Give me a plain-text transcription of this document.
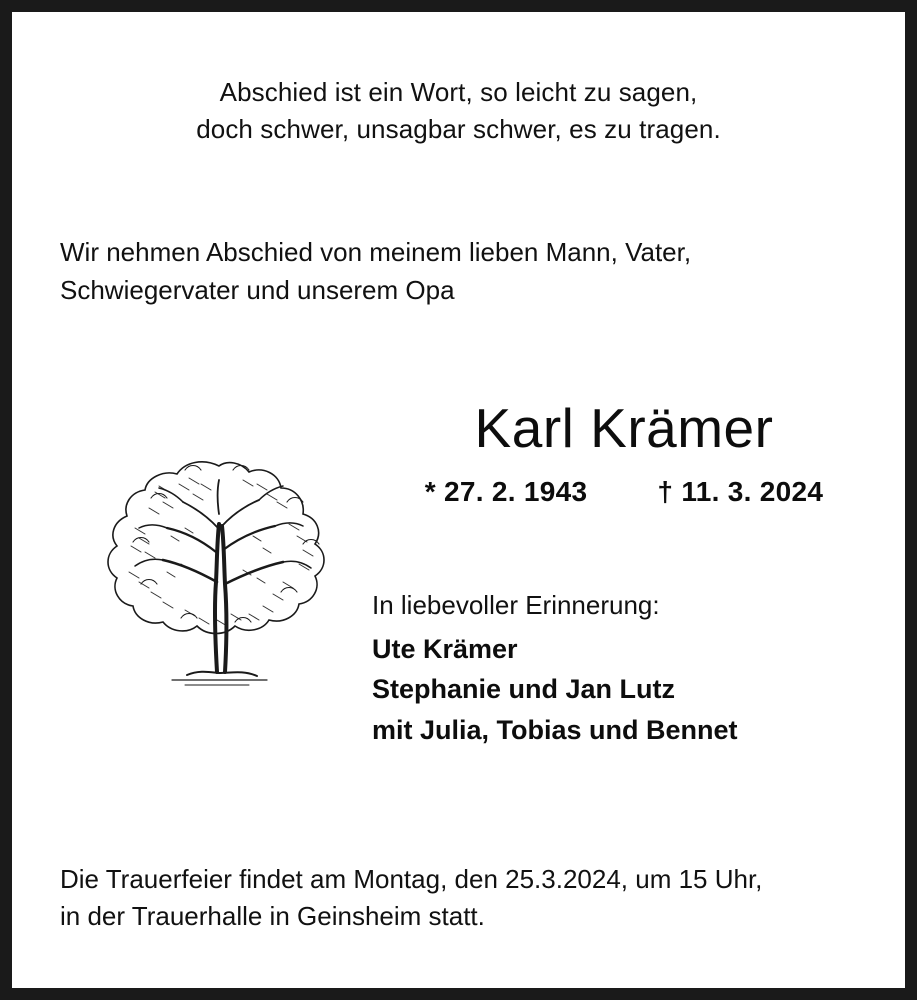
Abschied ist ein Wort, so leicht zu sagen,
doch schwer, unsagbar schwer, es zu tragen.
Wir nehmen Abschied von meinem lieben Mann, Vater,
Schwiegervater und unserem Opa
Karl Krämer
* 27. 2. 1943	† 11. 3. 2024
In liebevoller Erinnerung:
Ute Krämer
Stephanie und Jan Lutz
mit Julia, Tobias und Bennet
Die Trauerfeier findet am Montag, den 25.3.2024, um 15 Uhr,
in der Trauerhalle in Geinsheim statt.
